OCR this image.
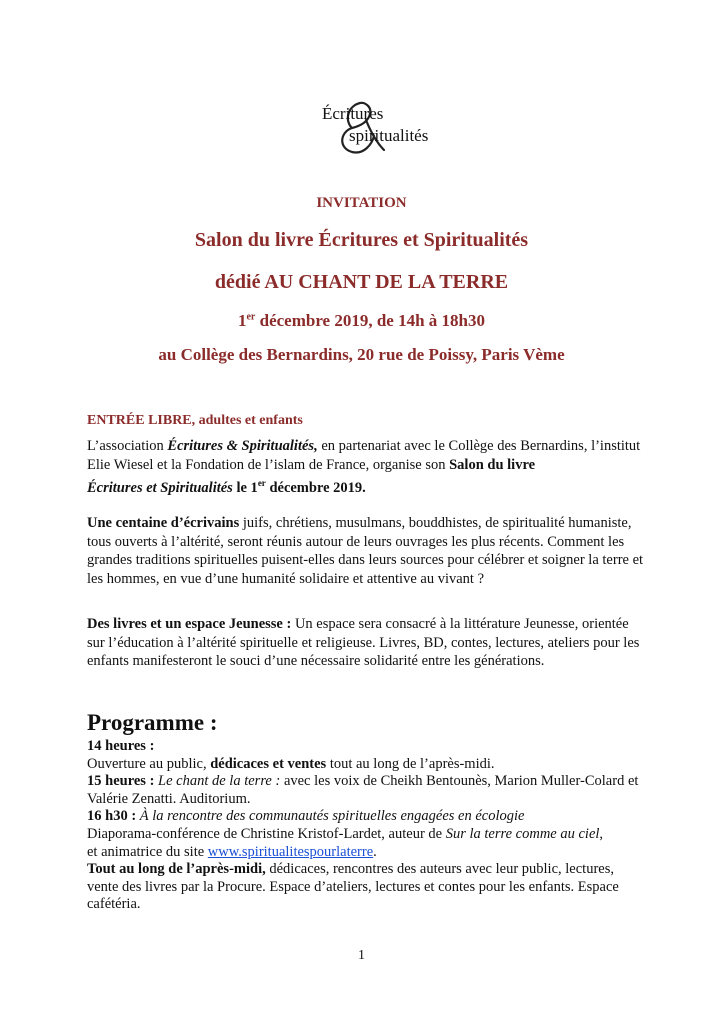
Écritures
spiritualités
INVITATION
Salon du livre Écritures et Spiritualités
dédié AU CHANT DE LA TERRE
1er décembre 2019, de 14h à 18h30
au Collège des Bernardins, 20 rue de Poissy, Paris Vème
ENTRÉE LIBRE, adultes et enfants
L’association Écritures & Spiritualités, en partenariat avec le Collège des Bernardins, l’institut Elie Wiesel et la Fondation de l’islam de France, organise son Salon du livre
Écritures et Spiritualités le 1er décembre 2019.
Une centaine d’écrivains juifs, chrétiens, musulmans, bouddhistes, de spiritualité humaniste, tous ouverts à l’altérité, seront réunis autour de leurs ouvrages les plus récents. Comment les grandes traditions spirituelles puisent-elles dans leurs sources pour célébrer et soigner la terre et les hommes, en vue d’une humanité solidaire et attentive au vivant ?
Des livres et un espace Jeunesse : Un espace sera consacré à la littérature Jeunesse, orientée sur l’éducation à l’altérité spirituelle et religieuse. Livres, BD, contes, lectures, ateliers pour les enfants manifesteront le souci d’une nécessaire solidarité entre les générations.
Programme :
14 heures :
Ouverture au public, dédicaces et ventes tout au long de l’après-midi.
15 heures : Le chant de la terre : avec les voix de Cheikh Bentounès, Marion Muller-Colard et Valérie Zenatti. Auditorium.
16 h30 : À la rencontre des communautés spirituelles engagées en écologie
Diaporama-conférence de Christine Kristof-Lardet, auteur de Sur la terre comme au ciel,
et animatrice du site www.spiritualitespourlaterre.
Tout au long de l’après-midi, dédicaces, rencontres des auteurs avec leur public, lectures, vente des livres par la Procure. Espace d’ateliers, lectures et contes pour les enfants. Espace cafétéria.
1
